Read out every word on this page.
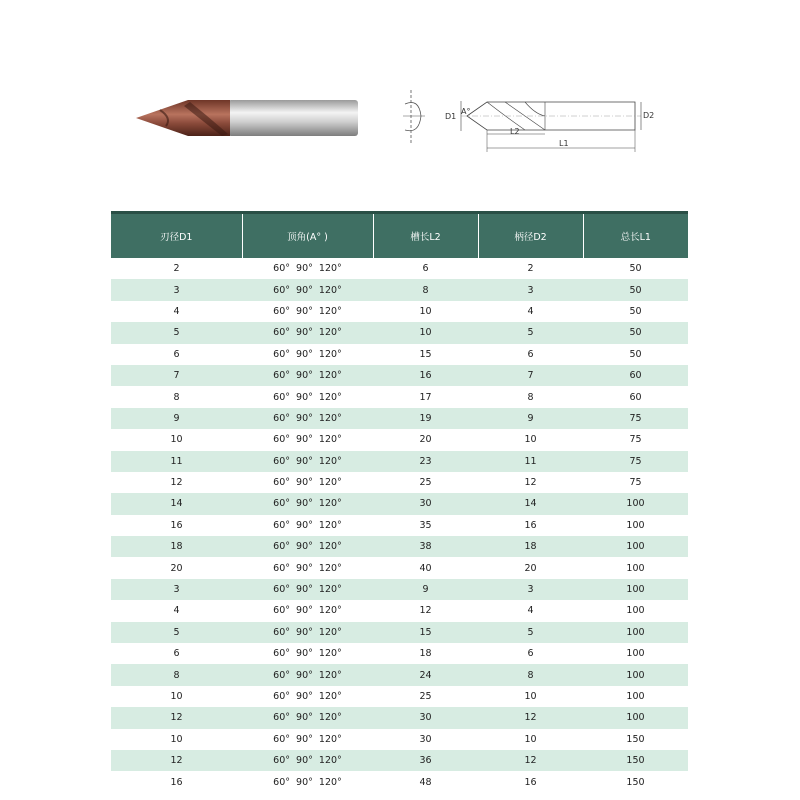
D1
A°	D2
L2
L1
刃径D1	顶角(A° )	槽长L2	柄径D2	总长L1
2	60°  90°  120°	6	2	50
3	60°  90°  120°	8	3	50
4	60°  90°  120°	10	4	50
5	60°  90°  120°	10	5	50
6	60°  90°  120°	15	6	50
7	60°  90°  120°	16	7	60
8	60°  90°  120°	17	8	60
9	60°  90°  120°	19	9	75
10	60°  90°  120°	20	10	75
11	60°  90°  120°	23	11	75
12	60°  90°  120°	25	12	75
14	60°  90°  120°	30	14	100
16	60°  90°  120°	35	16	100
18	60°  90°  120°	38	18	100
20	60°  90°  120°	40	20	100
3	60°  90°  120°	9	3	100
4	60°  90°  120°	12	4	100
5	60°  90°  120°	15	5	100
6	60°  90°  120°	18	6	100
8	60°  90°  120°	24	8	100
10	60°  90°  120°	25	10	100
12	60°  90°  120°	30	12	100
10	60°  90°  120°	30	10	150
12	60°  90°  120°	36	12	150
16	60°  90°  120°	48	16	150
